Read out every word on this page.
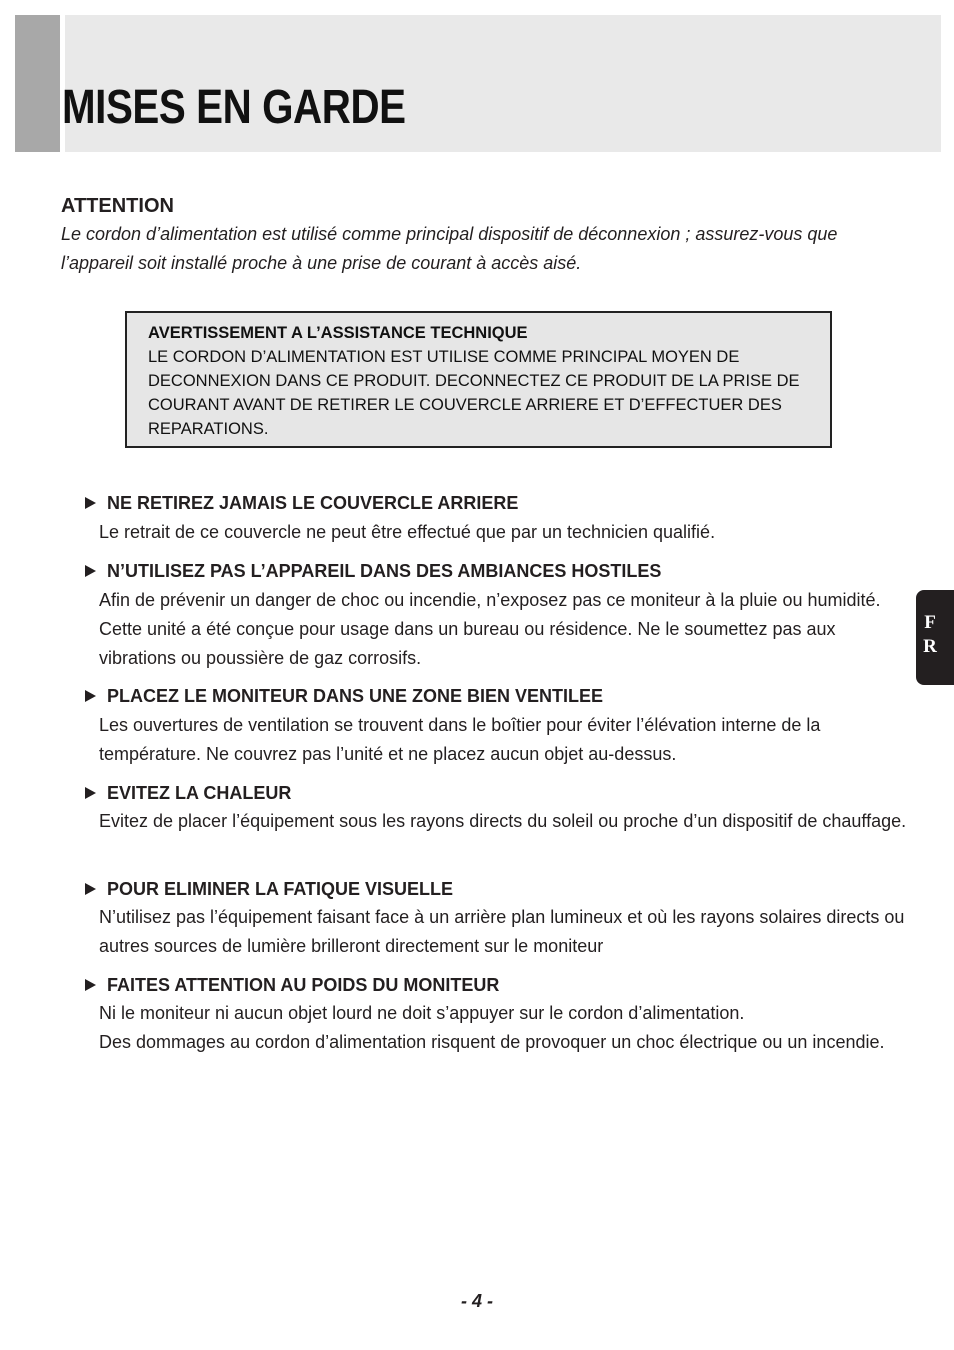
MISES EN GARDE
ATTENTION

Le cordon d’alimentation est utilisé comme principal dispositif de déconnexion ; assurez-vous que l’appareil soit installé proche à une prise de courant à accès aisé.

AVERTISSEMENT A L’ASSISTANCE TECHNIQUE

LE CORDON D’ALIMENTATION EST UTILISE COMME PRINCIPAL MOYEN DE DECONNEXION DANS CE PRODUIT. DECONNECTEZ CE PRODUIT DE LA PRISE DE COURANT AVANT DE RETIRER LE COUVERCLE ARRIERE ET D’EFFECTUER DES REPARATIONS.

NE RETIREZ JAMAIS LE COUVERCLE ARRIERE

Le retrait de ce couvercle ne peut être effectué que par un technicien qualifié.

N’UTILISEZ PAS L’APPAREIL DANS DES AMBIANCES HOSTILES

Afin de prévenir un danger de choc ou incendie, n’exposez pas ce moniteur à la pluie ou humidité. Cette unité a été conçue pour usage dans un bureau ou résidence. Ne le soumettez pas aux vibrations ou poussière de gaz corrosifs.

PLACEZ LE MONITEUR DANS UNE ZONE BIEN VENTILEE

Les ouvertures de ventilation se trouvent dans le boîtier pour éviter l’élévation interne de la température. Ne couvrez pas l’unité et ne placez aucun objet au-dessus.

EVITEZ LA CHALEUR

Evitez de placer l’équipement sous les rayons directs du soleil ou proche d’un dispositif de chauffage.

POUR ELIMINER LA FATIQUE VISUELLE

N’utilisez pas l’équipement faisant face à un arrière plan lumineux et où les rayons solaires directs ou autres sources de lumière brilleront directement sur le moniteur

FAITES ATTENTION AU POIDS DU MONITEUR

Ni le moniteur ni aucun objet lourd ne doit s’appuyer sur le cordon d’alimentation.

Des dommages au cordon d’alimentation risquent de provoquer un choc électrique ou un incendie.

F
R
- 4 -
